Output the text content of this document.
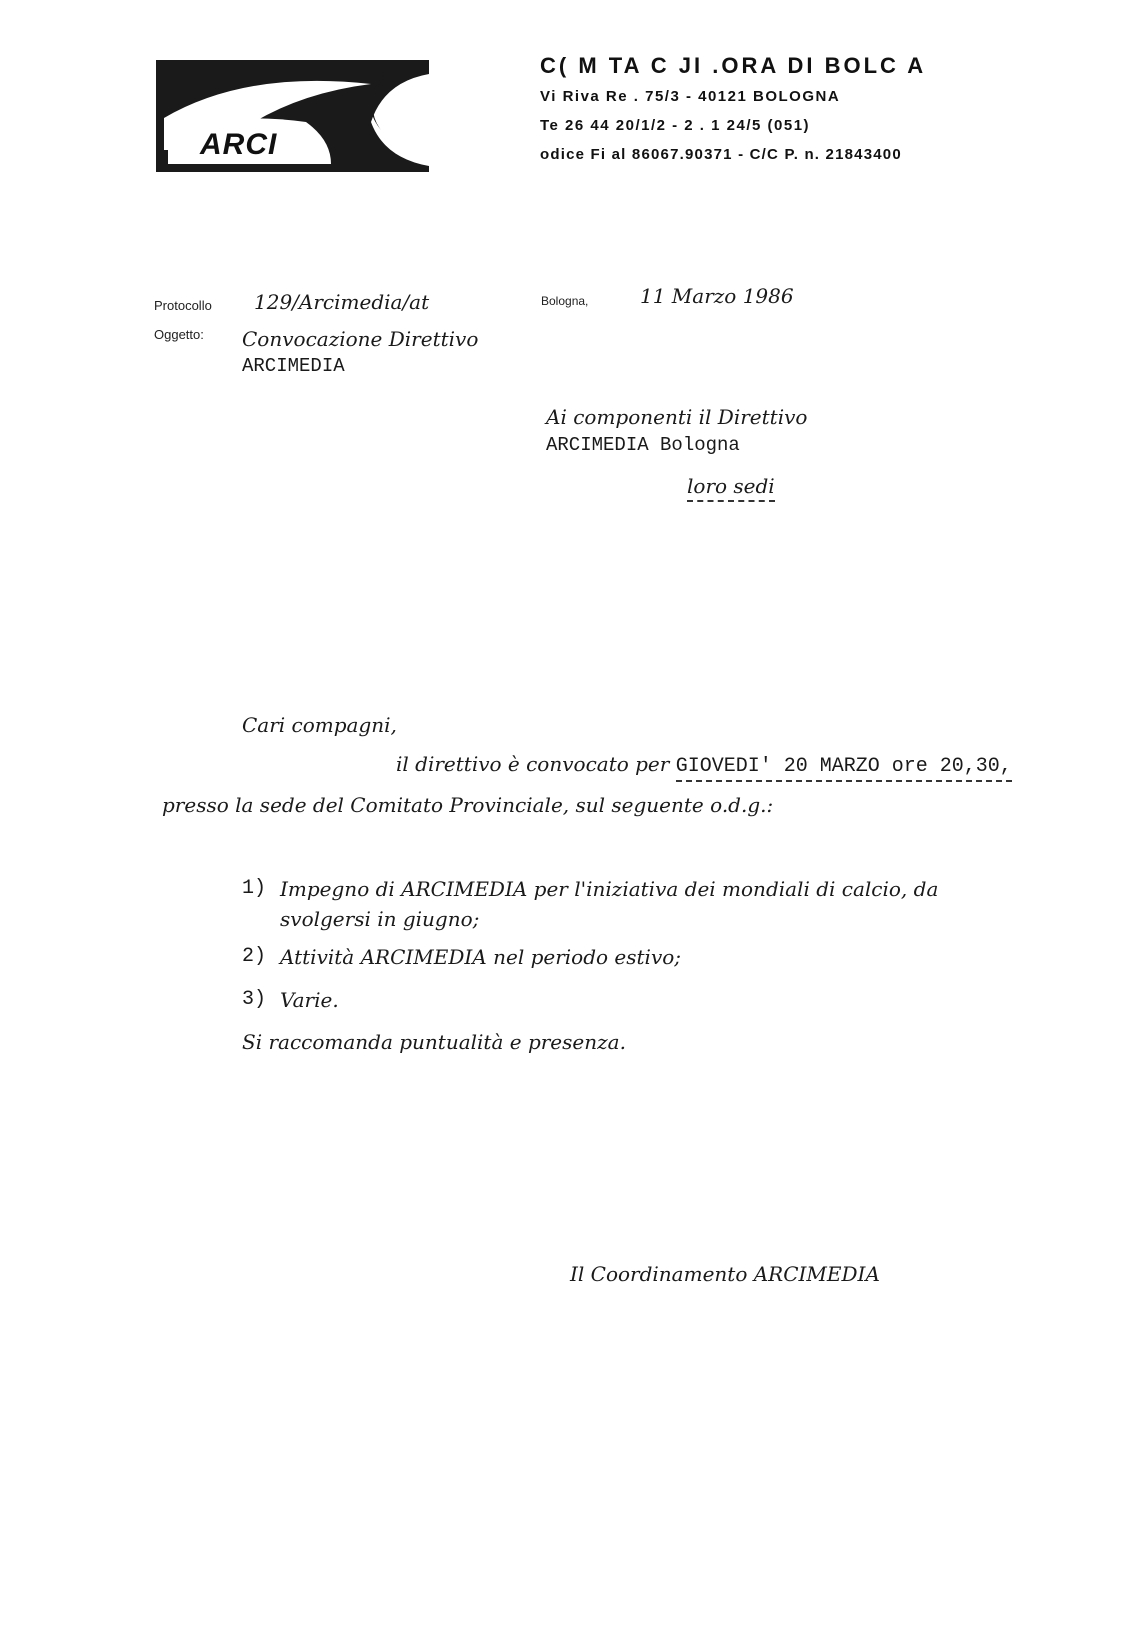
ARCI
C( M TA C JI .ORA DI BOLC A
Vi Riva Re . 75/3 - 40121 BOLOGNA
Te 26 44 20/1/2 - 2 . 1 24/5 (051)
odice Fi al 86067.90371 - C/C P. n. 21843400
Protocollo 129/Arcimedia/at	Bologna,	11 Marzo 1986
Oggetto: Convocazione Direttivo
ARCIMEDIA
Ai componenti il Direttivo
ARCIMEDIA Bologna
loro sedi
Cari compagni,
il direttivo è convocato per GIOVEDI' 20 MARZO ore 20,30,
presso la sede del Comitato Provinciale, sul seguente o.d.g.:
1) Impegno di ARCIMEDIA per l'iniziativa dei mondiali di calcio, da
svolgersi in giugno;
2) Attività ARCIMEDIA nel periodo estivo;
3) Varie.
Si raccomanda puntualità e presenza.
Il Coordinamento ARCIMEDIA
